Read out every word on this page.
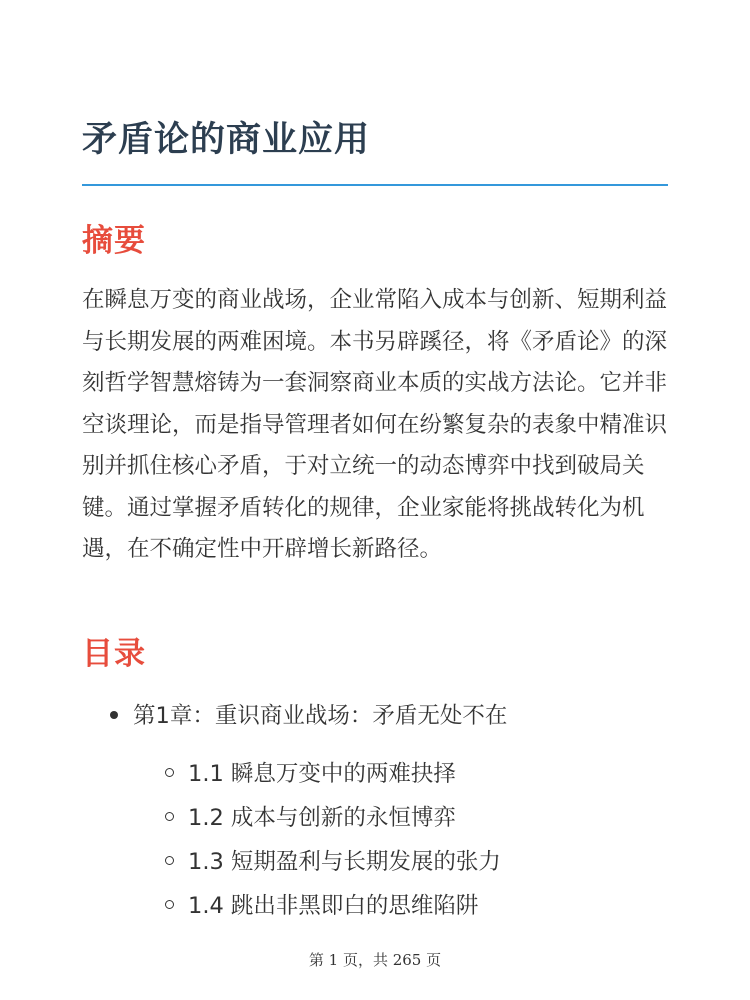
矛盾论的商业应用
摘要

在瞬息万变的商业战场，企业常陷入成本与创新、短期利益与长期发展的两难困境。本书另辟蹊径，将《矛盾论》的深刻哲学智慧熔铸为一套洞察商业本质的实战方法论。它并非空谈理论，而是指导管理者如何在纷繁复杂的表象中精准识别并抓住核心矛盾，于对立统一的动态博弈中找到破局关键。通过掌握矛盾转化的规律，企业家能将挑战转化为机遇，在不确定性中开辟增长新路径。

目录
第1章：重识商业战场：矛盾无处不在
1.1 瞬息万变中的两难抉择
1.2 成本与创新的永恒博弈
1.3 短期盈利与长期发展的张力
1.4 跳出非黑即白的思维陷阱
第 1 页，共 265 页
